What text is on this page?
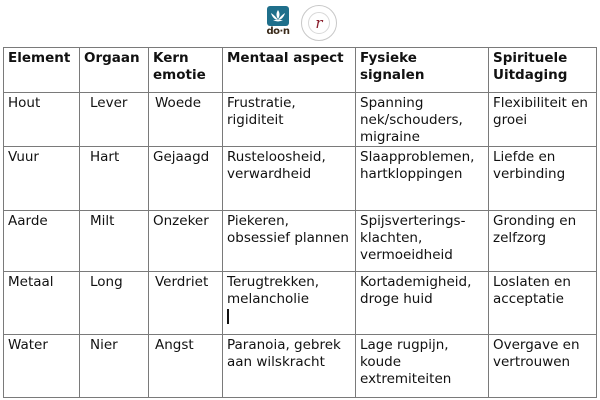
do·n	r
Element	Orgaan	Kern emotie	Mentaal aspect	Fysieke signalen	Spirituele Uitdaging
Hout	Lever	Woede	Frustratie, rigiditeit	Spanning nek/schouders, migraine	Flexibiliteit en groei
Vuur	Hart	Gejaagd	Rusteloosheid, verwardheid	Slaapproblemen, hartkloppingen	Liefde en verbinding
Aarde	Milt	Onzeker	Piekeren, obsessief plannen	Spijsverterings-klachten, vermoeidheid	Gronding en zelfzorg
Metaal	Long	Verdriet	Terugtrekken, melancholie	Kortademigheid, droge huid	Loslaten en acceptatie
Water	Nier	Angst	Paranoia, gebrek aan wilskracht	Lage rugpijn, koude extremiteiten	Overgave en vertrouwen
